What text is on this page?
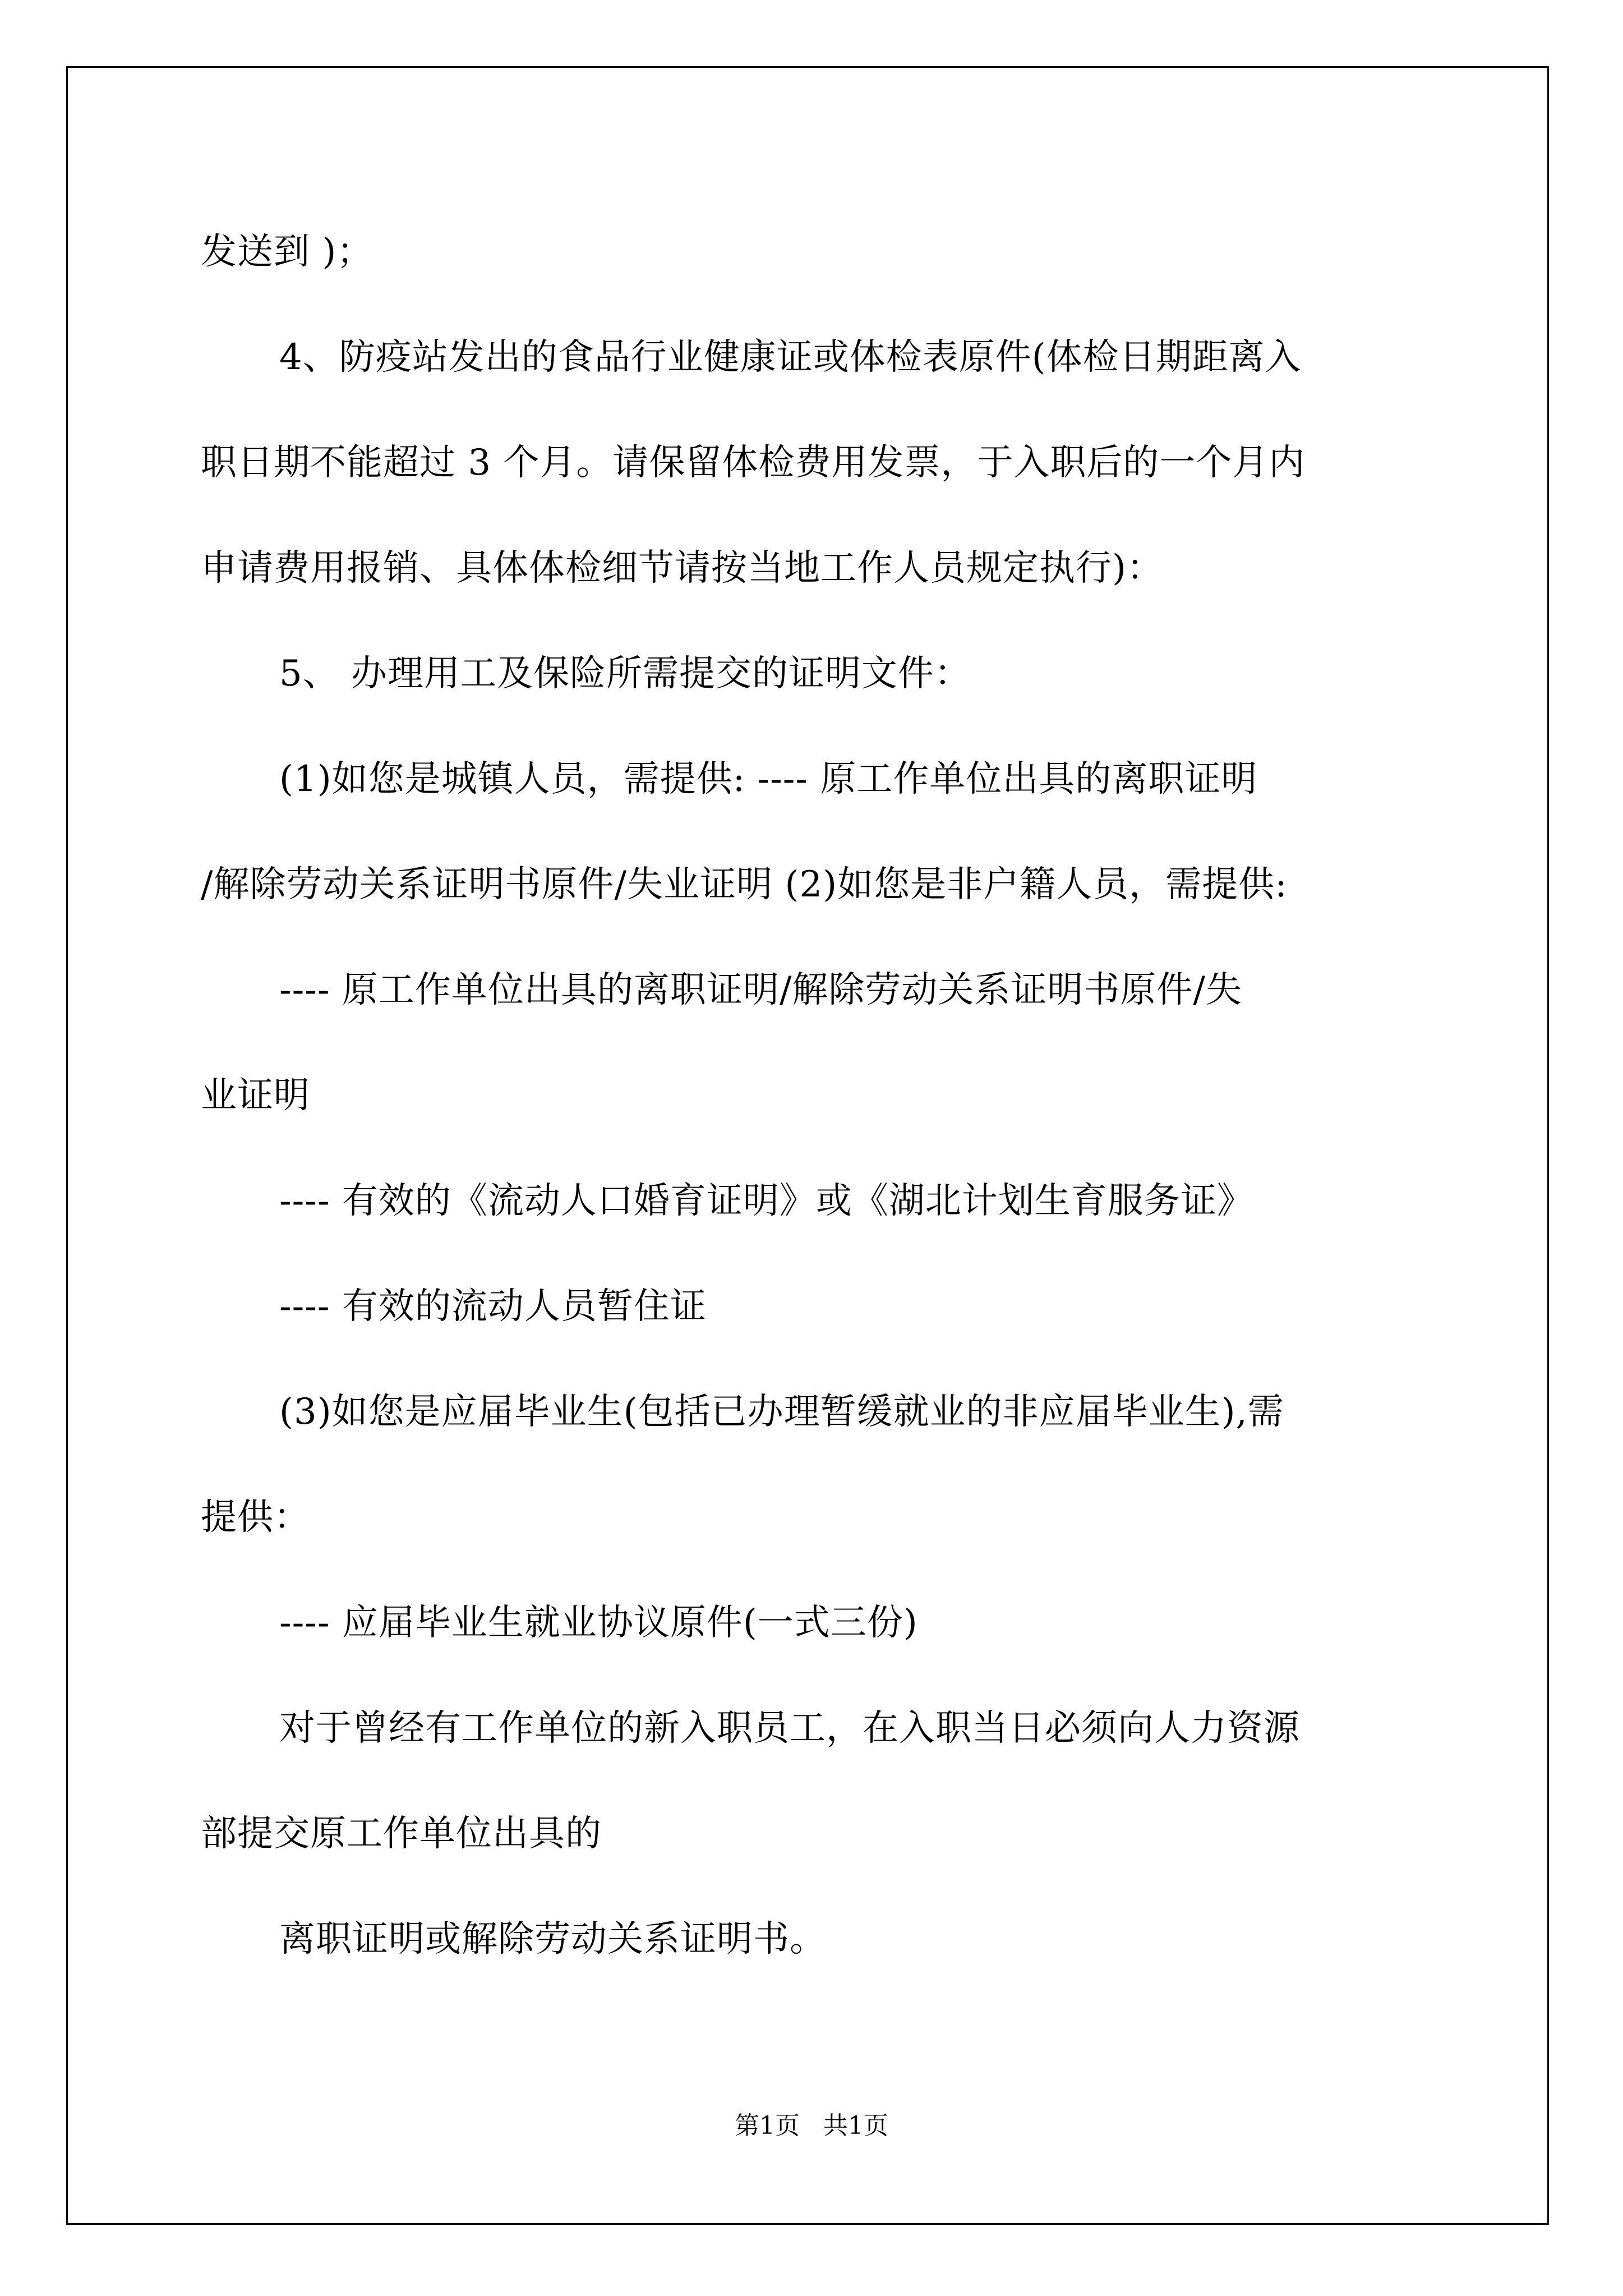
发送到 )；
4、防疫站发出的食品行业健康证或体检表原件(体检日期距离入
职日期不能超过 3 个月。请保留体检费用发票，于入职后的一个月内
申请费用报销、具体体检细节请按当地工作人员规定执行)：
5、 办理用工及保险所需提交的证明文件：
(1)如您是城镇人员，需提供: ---- 原工作单位出具的离职证明
/解除劳动关系证明书原件/失业证明 (2)如您是非户籍人员，需提供:
---- 原工作单位出具的离职证明/解除劳动关系证明书原件/失
业证明
---- 有效的《流动人口婚育证明》或《湖北计划生育服务证》
---- 有效的流动人员暂住证
(3)如您是应届毕业生(包括已办理暂缓就业的非应届毕业生),需
提供：
---- 应届毕业生就业协议原件(一式三份)
对于曾经有工作单位的新入职员工，在入职当日必须向人力资源
部提交原工作单位出具的
离职证明或解除劳动关系证明书。
第1页   共1页
